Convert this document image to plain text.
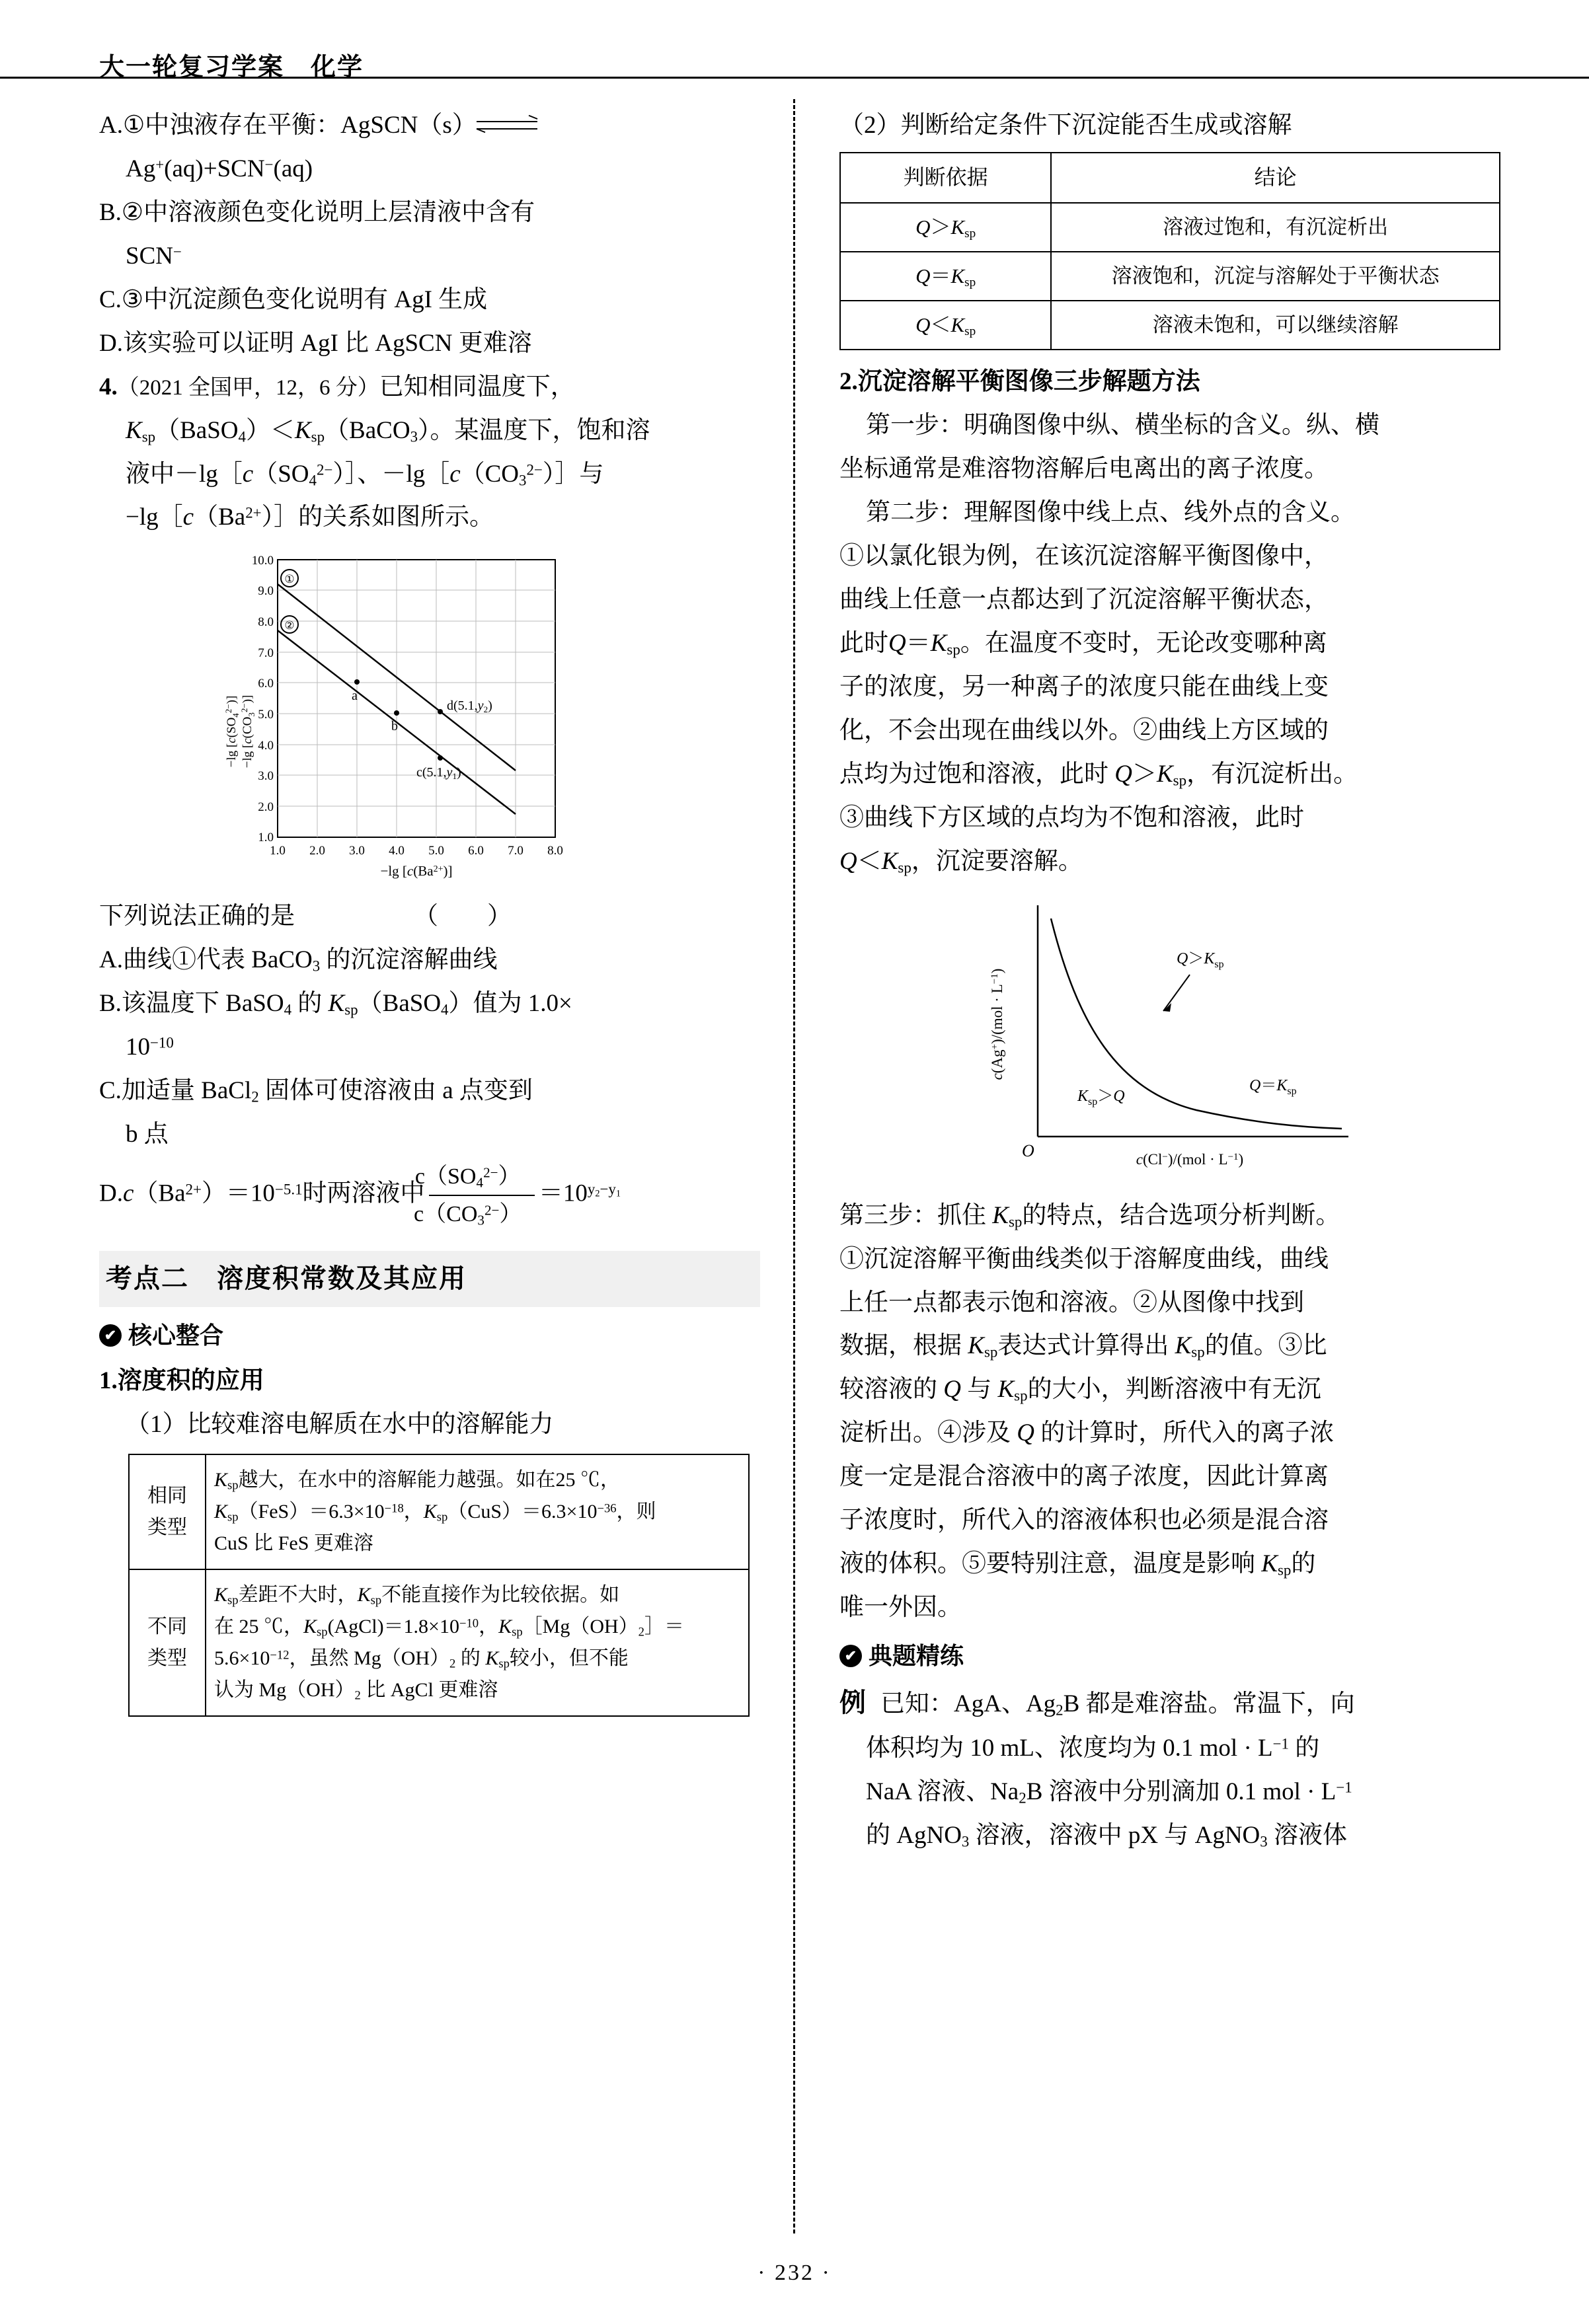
大一轮复习学案 化学

A.①中浊液存在平衡：AgSCN（s）

Ag+(aq)+SCN−(aq)

B.②中溶液颜色变化说明上层清液中含有

SCN−

C.③中沉淀颜色变化说明有 AgI 生成

D.该实验可以证明 AgI 比 AgSCN 更难溶

4.（2021 全国甲，12，6 分）已知相同温度下，

$K_{sp}(BaSO_4)<K_{sp}(BaCO_3)$。某温度下，饱和溶

液中$-\lg[c(SO_4^{2-})]$、$-\lg[c(CO_3^{2-})]$与

$-\lg[c(Ba^{2+})]$的关系如图所示。

10.0
9.0
8.0
7.0
6.0
5.0
4.0
3.0
2.0
1.0
1.0 2.0 3.0 4.0 5.0 6.0 7.0 8.0
①
②
a
b
$d(5.1,y_2)$
$c(5.1,y_1)$
−lg $[c(Ba^{2+})]$
−lg $[c(SO_4^{2-})]$
−lg $[c(CO_3^{2-})]$

下列说法正确的是	（　　）

A.曲线①代表 BaCO$_3$ 的沉淀溶解曲线

B.该温度下 BaSO$_4$ 的 $K_{sp}(BaSO_4)$值为 1.0×

$10^{-10}$

C.加适量 BaCl$_2$ 固体可使溶液由 a 点变到

b 点

$D.c(Ba^{2+})=10^{-5.1}$时两溶液中 $\frac{c(SO_4^{2-})}{c(CO_3^{2-})} =10^{y_2-y_1}$

考点二　溶度积常数及其应用
✔ 核心整合

1.溶度积的应用

（1）比较难溶电解质在水中的溶解能力

相同
类型	$K_{sp}$越大，在水中的溶解能力越强。如在25 ℃，
$K_{sp}(FeS)=6.3\times 10^{-18}$，$K_{sp}(CuS)=6.3\times 10^{-36}$，则
CuS 比 FeS 更难溶
不同
类型	$K_{sp}$差距不大时，$K_{sp}$不能直接作为比较依据。如
在 25 ℃，$K_{sp}(AgCl)=1.8\times 10^{-10}$，$K_{sp}[Mg(OH)_2]=$
$5.6\times 10^{-12}$，虽然 $Mg(OH)_2$ 的 $K_{sp}$较小，但不能
认为 $Mg(OH)_2$ 比 AgCl 更难溶

（2）判断给定条件下沉淀能否生成或溶解

判断依据	结论
$Q>K_{sp}$	溶液过饱和，有沉淀析出
$Q=K_{sp}$	溶液饱和，沉淀与溶解处于平衡状态
$Q<K_{sp}$	溶液未饱和，可以继续溶解

2.沉淀溶解平衡图像三步解题方法

第一步：明确图像中纵、横坐标的含义。纵、横

坐标通常是难溶物溶解后电离出的离子浓度。

第二步：理解图像中线上点、线外点的含义。

①以氯化银为例，在该沉淀溶解平衡图像中，

曲线上任意一点都达到了沉淀溶解平衡状态，

此时$Q=K_{sp}$。在温度不变时，无论改变哪种离

子的浓度，另一种离子的浓度只能在曲线上变

化，不会出现在曲线以外。②曲线上方区域的

点均为过饱和溶液，此时 $Q>K_{sp}$，有沉淀析出。

③曲线下方区域的点均为不饱和溶液，此时

$Q<K_{sp}$，沉淀要溶解。

$Q>K_{sp}$
$K_{sp}>Q$
$Q=K_{sp}$
O	$c(Cl^-)/(mol \cdot L^{-1})$
$c(Ag^+)/(mol \cdot L^{-1})$

第三步：抓住 $K_{sp}$的特点，结合选项分析判断。

①沉淀溶解平衡曲线类似于溶解度曲线，曲线

上任一点都表示饱和溶液。②从图像中找到

数据，根据 $K_{sp}$表达式计算得出 $K_{sp}$的值。③比

较溶液的 Q 与 $K_{sp}$的大小，判断溶液中有无沉

淀析出。④涉及 Q 的计算时，所代入的离子浓

度一定是混合溶液中的离子浓度，因此计算离

子浓度时，所代入的溶液体积也必须是混合溶

液的体积。⑤要特别注意，温度是影响 $K_{sp}$的

唯一外因。

✔ 典题精练

例 已知：AgA、$Ag_2B$ 都是难溶盐。常温下，向

体积均为 10 mL、浓度均为 0.1 mol · $L^{-1}$ 的

NaA 溶液、$Na_2B$ 溶液中分别滴加 0.1 mol · $L^{-1}$

的 AgNO$_3$ 溶液，溶液中 pX 与 AgNO$_3$ 溶液体

· 232 ·
